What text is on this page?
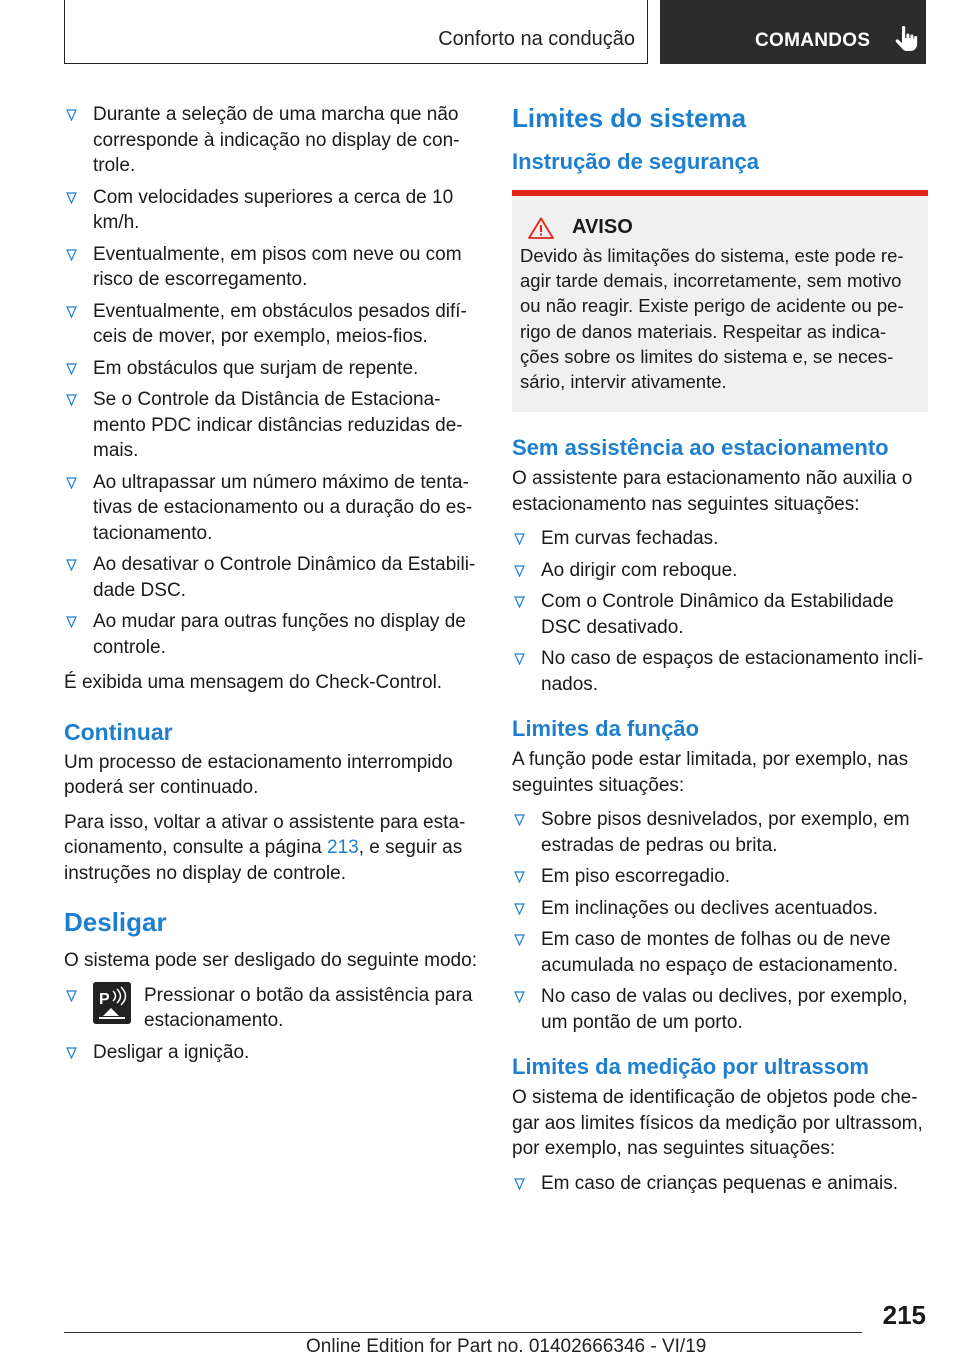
Conforto na condução	COMANDOS
Durante a seleção de uma marcha que não corresponde à indicação no display de con-trole.
Com velocidades superiores a cerca de 10 km/h.
Eventualmente, em pisos com neve ou com risco de escorregamento.
Eventualmente, em obstáculos pesados difí-ceis de mover, por exemplo, meios-fios.
Em obstáculos que surjam de repente.
Se o Controle da Distância de Estaciona-mento PDC indicar distâncias reduzidas de-mais.
Ao ultrapassar um número máximo de tenta-tivas de estacionamento ou a duração do es-tacionamento.
Ao desativar o Controle Dinâmico da Estabili-dade DSC.
Ao mudar para outras funções no display de controle.

É exibida uma mensagem do Check-Control.

Continuar

Um processo de estacionamento interrompido poderá ser continuado.

Para isso, voltar a ativar o assistente para esta-cionamento, consulte a página 213, e seguir as instruções no display de controle.

Desligar

O sistema pode ser desligado do seguinte modo:

P Pressionar o botão da assistência para estacionamento.
Desligar a ignição.
Limites do sistema
Instrução de segurança
AVISO

Devido às limitações do sistema, este pode re-agir tarde demais, incorretamente, sem motivo ou não reagir. Existe perigo de acidente ou pe-rigo de danos materiais. Respeitar as indica-ções sobre os limites do sistema e, se neces-sário, intervir ativamente.

Sem assistência ao estacionamento

O assistente para estacionamento não auxilia o estacionamento nas seguintes situações:

Em curvas fechadas.
Ao dirigir com reboque.
Com o Controle Dinâmico da Estabilidade DSC desativado.
No caso de espaços de estacionamento incli-nados.
Limites da função

A função pode estar limitada, por exemplo, nas seguintes situações:

Sobre pisos desnivelados, por exemplo, em estradas de pedras ou brita.
Em piso escorregadio.
Em inclinações ou declives acentuados.
Em caso de montes de folhas ou de neve acumulada no espaço de estacionamento.
No caso de valas ou declives, por exemplo, um pontão de um porto.
Limites da medição por ultrassom

O sistema de identificação de objetos pode che-gar aos limites físicos da medição por ultrassom, por exemplo, nas seguintes situações:

Em caso de crianças pequenas e animais.
215
Online Edition for Part no. 01402666346 - VI/19
